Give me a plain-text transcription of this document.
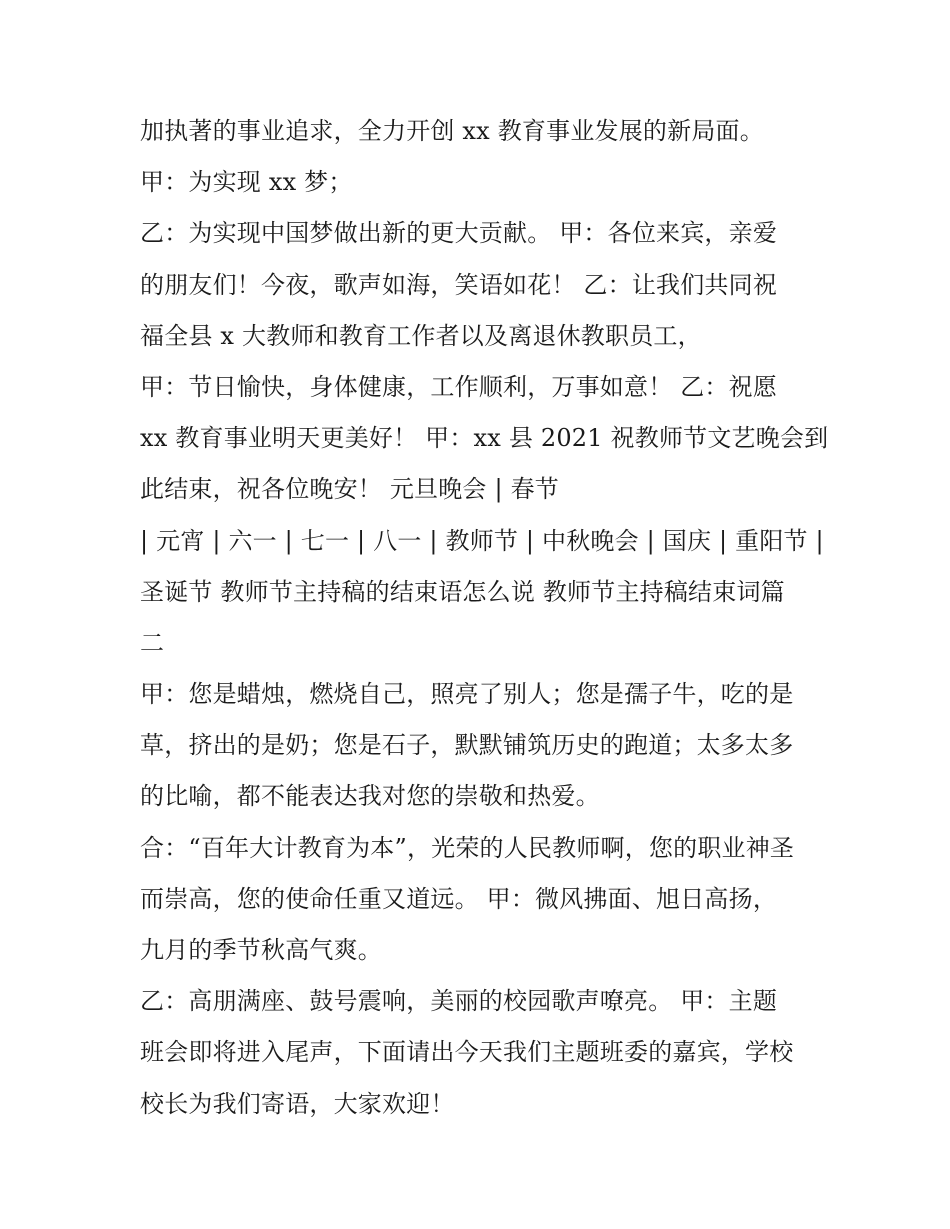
加执著的事业追求，全力开创 xx 教育事业发展的新局面。
甲：为实现 xx 梦；
乙：为实现中国梦做出新的更大贡献。 甲：各位来宾，亲爱
的朋友们！今夜，歌声如海，笑语如花！ 乙：让我们共同祝
福全县 x 大教师和教育工作者以及离退休教职员工，
甲：节日愉快，身体健康，工作顺利，万事如意！ 乙：祝愿
xx 教育事业明天更美好！ 甲：xx 县 2021 祝教师节文艺晚会到
此结束，祝各位晚安！ 元旦晚会 | 春节
| 元宵 | 六一 | 七一 | 八一 | 教师节 | 中秋晚会 | 国庆 | 重阳节 |
圣诞节 教师节主持稿的结束语怎么说 教师节主持稿结束词篇
二
甲：您是蜡烛，燃烧自己，照亮了别人；您是孺子牛，吃的是
草，挤出的是奶；您是石子，默默铺筑历史的跑道；太多太多
的比喻，都不能表达我对您的崇敬和热爱。
合：“百年大计教育为本”，光荣的人民教师啊，您的职业神圣
而崇高，您的使命任重又道远。 甲：微风拂面、旭日高扬，
九月的季节秋高气爽。
乙：高朋满座、鼓号震响，美丽的校园歌声嘹亮。 甲：主题
班会即将进入尾声，下面请出今天我们主题班委的嘉宾，学校
校长为我们寄语，大家欢迎！
